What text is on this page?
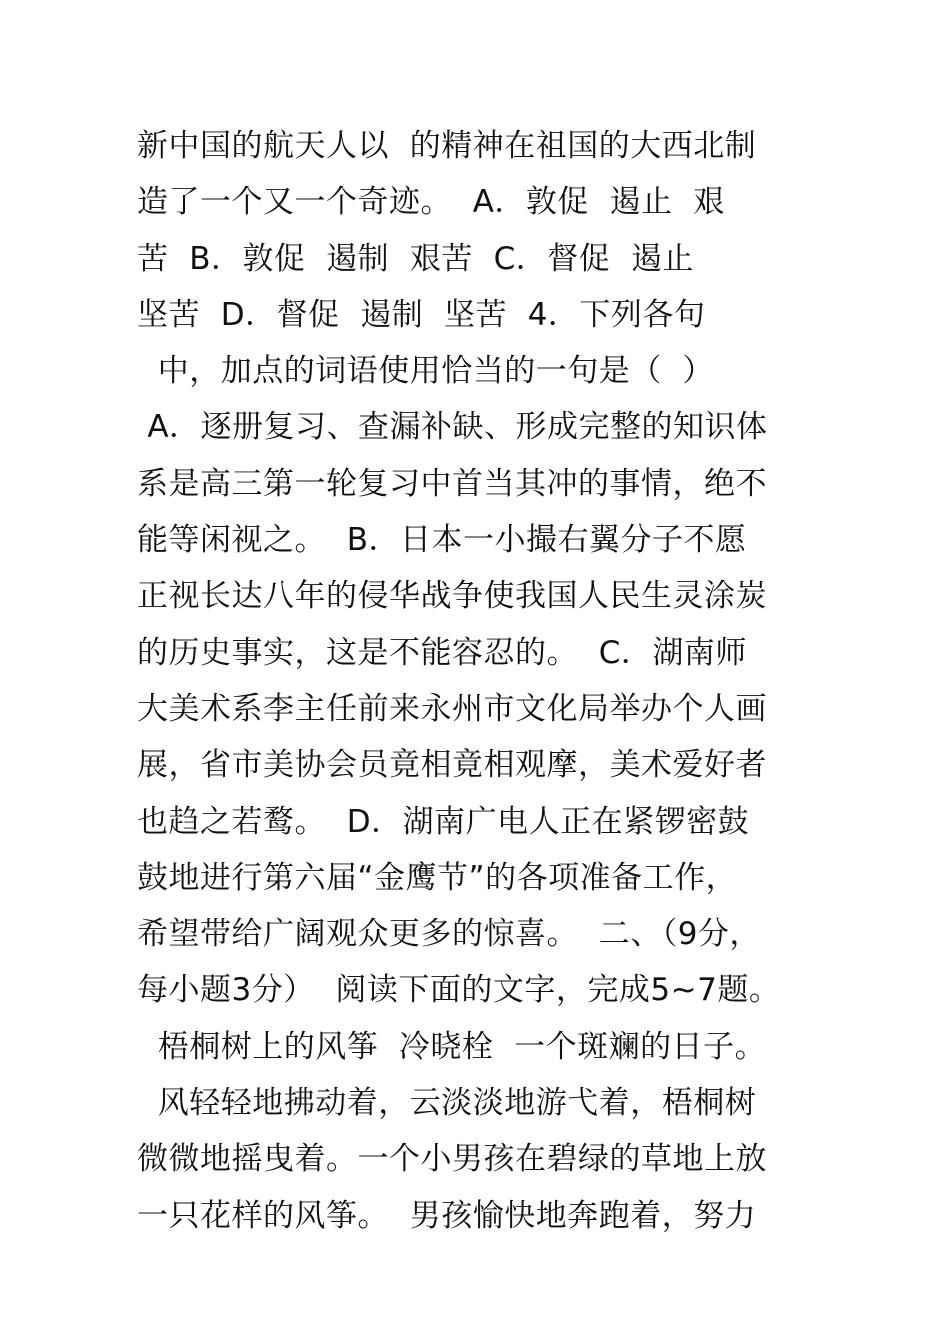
新中国的航天人以  的精神在祖国的大西北制
造了一个又一个奇迹。  A．敦促  遏止  艰
苦  B．敦促  遏制  艰苦  C．督促  遏止
坚苦  D．督促  遏制  坚苦  4．下列各句
中，加点的词语使用恰当的一句是（  ）
A．逐册复习、查漏补缺、形成完整的知识体
系是高三第一轮复习中首当其冲的事情，绝不
能等闲视之。  B．日本一小撮右翼分子不愿
正视长达八年的侵华战争使我国人民生灵涂炭
的历史事实，这是不能容忍的。  C．湖南师
大美术系李主任前来永州市文化局举办个人画
展，省市美协会员竟相竟相观摩，美术爱好者
也趋之若鹜。  D．湖南广电人正在紧锣密鼓
鼓地进行第六届“金鹰节”的各项准备工作，
希望带给广阔观众更多的惊喜。  二、（9分，
每小题3分）  阅读下面的文字，完成5~7题。
梧桐树上的风筝  冷晓栓  一个斑斓的日子。
风轻轻地拂动着，云淡淡地游弋着，梧桐树
微微地摇曳着。一个小男孩在碧绿的草地上放
一只花样的风筝。  男孩愉快地奔跑着，努力
